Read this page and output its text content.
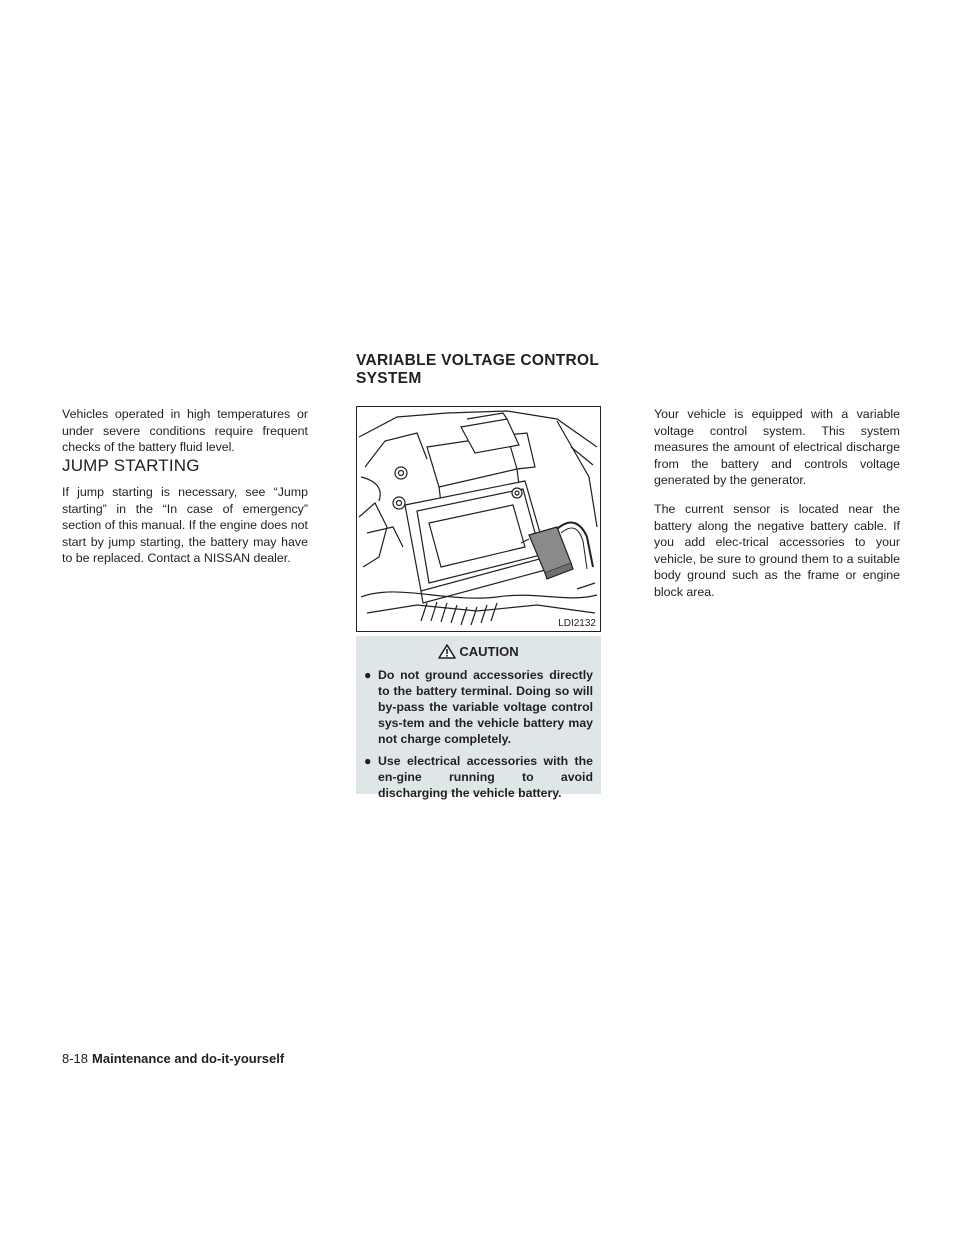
Vehicles operated in high temperatures or under severe conditions require frequent checks of the battery fluid level.

JUMP STARTING

If jump starting is necessary, see “Jump starting” in the “In case of emergency” section of this manual. If the engine does not start by jump starting, the battery may have to be replaced. Contact a NISSAN dealer.

VARIABLE VOLTAGE CONTROL
SYSTEM
LDI2132
CAUTION
● Do not ground accessories directly to the battery terminal. Doing so will by-pass the variable voltage control sys-tem and the vehicle battery may not charge completely.
● Use electrical accessories with the en-gine running to avoid discharging the vehicle battery.

Your vehicle is equipped with a variable voltage control system. This system measures the amount of electrical discharge from the battery and controls voltage generated by the generator.

The current sensor is located near the battery along the negative battery cable. If you add elec-trical accessories to your vehicle, be sure to ground them to a suitable body ground such as the frame or engine block area.

8-18 Maintenance and do-it-yourself
